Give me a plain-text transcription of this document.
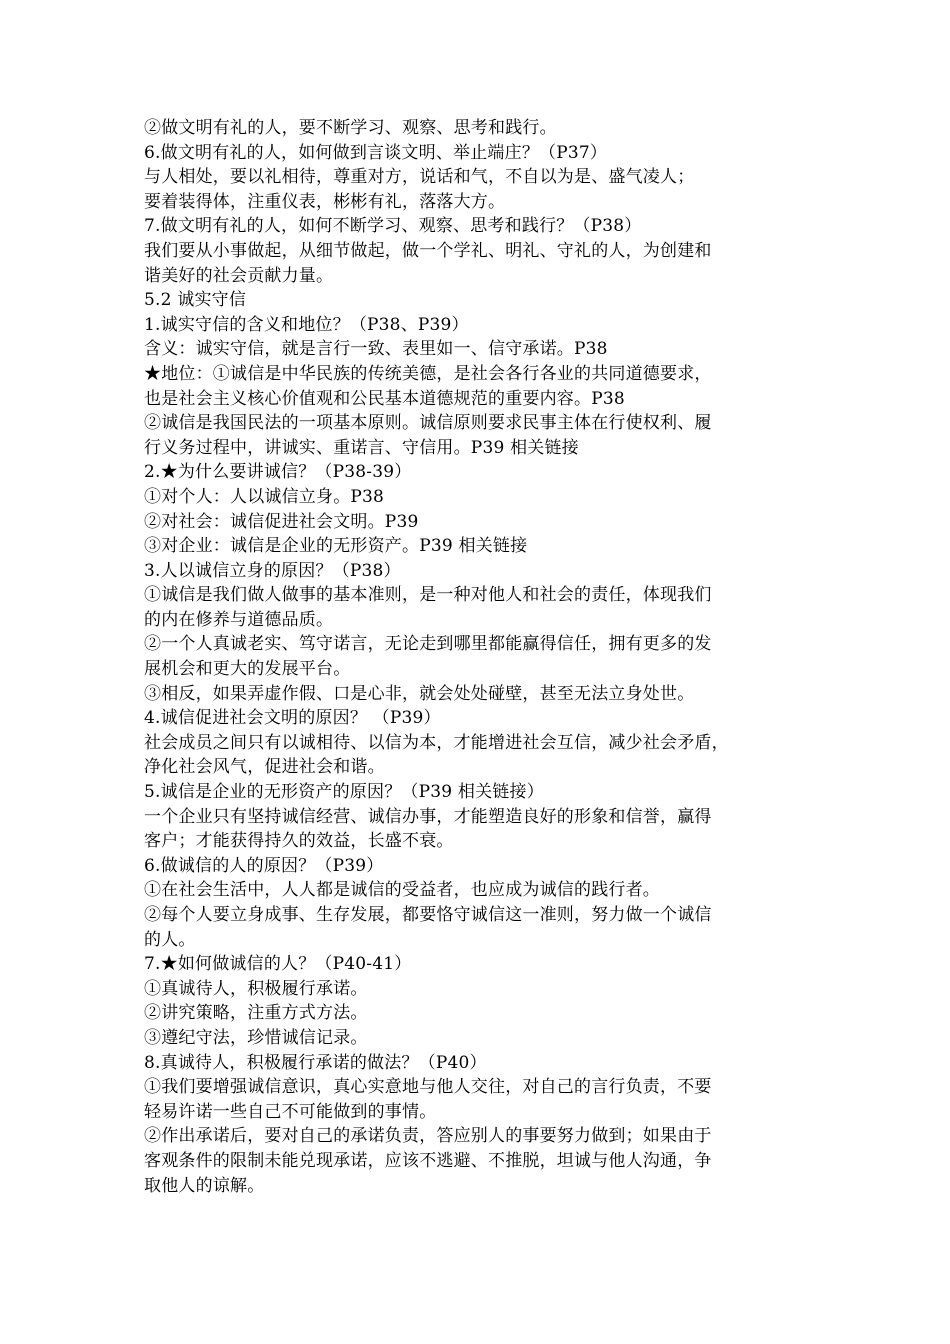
②做文明有礼的人，要不断学习、观察、思考和践行。
6.做文明有礼的人，如何做到言谈文明、举止端庄？（P37）
与人相处，要以礼相待，尊重对方，说话和气，不自以为是、盛气凌人；
要着装得体，注重仪表，彬彬有礼，落落大方。
7.做文明有礼的人，如何不断学习、观察、思考和践行？（P38）
我们要从小事做起，从细节做起，做一个学礼、明礼、守礼的人，为创建和
谐美好的社会贡献力量。
5.2 诚实守信
1.诚实守信的含义和地位？（P38、P39）
含义：诚实守信，就是言行一致、表里如一、信守承诺。P38
★地位：①诚信是中华民族的传统美德，是社会各行各业的共同道德要求，
也是社会主义核心价值观和公民基本道德规范的重要内容。P38
②诚信是我国民法的一项基本原则。诚信原则要求民事主体在行使权利、履
行义务过程中，讲诚实、重诺言、守信用。P39 相关链接
2.★为什么要讲诚信？（P38-39）
①对个人：人以诚信立身。P38
②对社会：诚信促进社会文明。P39
③对企业：诚信是企业的无形资产。P39 相关链接
3.人以诚信立身的原因？（P38）
①诚信是我们做人做事的基本准则，是一种对他人和社会的责任，体现我们
的内在修养与道德品质。
②一个人真诚老实、笃守诺言，无论走到哪里都能赢得信任，拥有更多的发
展机会和更大的发展平台。
③相反，如果弄虚作假、口是心非，就会处处碰壁，甚至无法立身处世。
4.诚信促进社会文明的原因？ （P39）
社会成员之间只有以诚相待、以信为本，才能增进社会互信，减少社会矛盾，
净化社会风气，促进社会和谐。
5.诚信是企业的无形资产的原因？（P39 相关链接）
一个企业只有坚持诚信经营、诚信办事，才能塑造良好的形象和信誉，赢得
客户；才能获得持久的效益，长盛不衰。
6.做诚信的人的原因？（P39）
①在社会生活中，人人都是诚信的受益者，也应成为诚信的践行者。
②每个人要立身成事、生存发展，都要恪守诚信这一准则，努力做一个诚信
的人。
7.★如何做诚信的人？（P40-41）
①真诚待人，积极履行承诺。
②讲究策略，注重方式方法。
③遵纪守法，珍惜诚信记录。
8.真诚待人，积极履行承诺的做法？（P40）
①我们要增强诚信意识，真心实意地与他人交往，对自己的言行负责，不要
轻易许诺一些自己不可能做到的事情。
②作出承诺后，要对自己的承诺负责，答应别人的事要努力做到；如果由于
客观条件的限制未能兑现承诺，应该不逃避、不推脱，坦诚与他人沟通，争
取他人的谅解。
